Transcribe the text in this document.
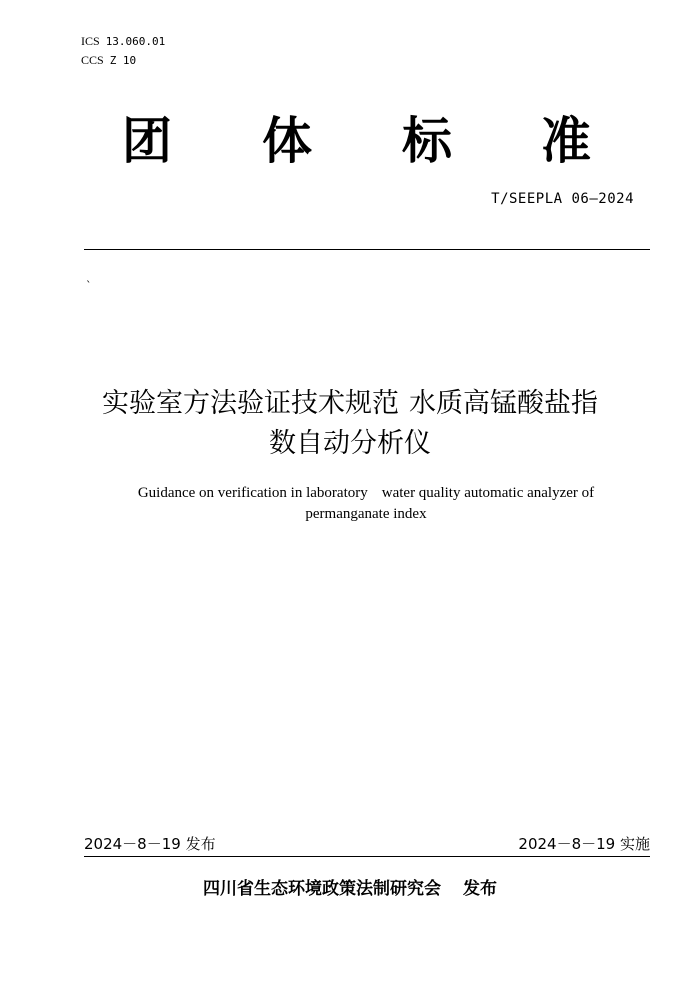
ICS 13.060.01
CCS Z 10
团 体 标 准
T/SEEPLA 06—2024
`
实验室方法验证技术规范 水质高锰酸盐指
数自动分析仪
Guidance on verification in laboratory water quality automatic analyzer of
permanganate index
2024－8－19 发布	2024－8－19 实施
四川省生态环境政策法制研究会 发布
